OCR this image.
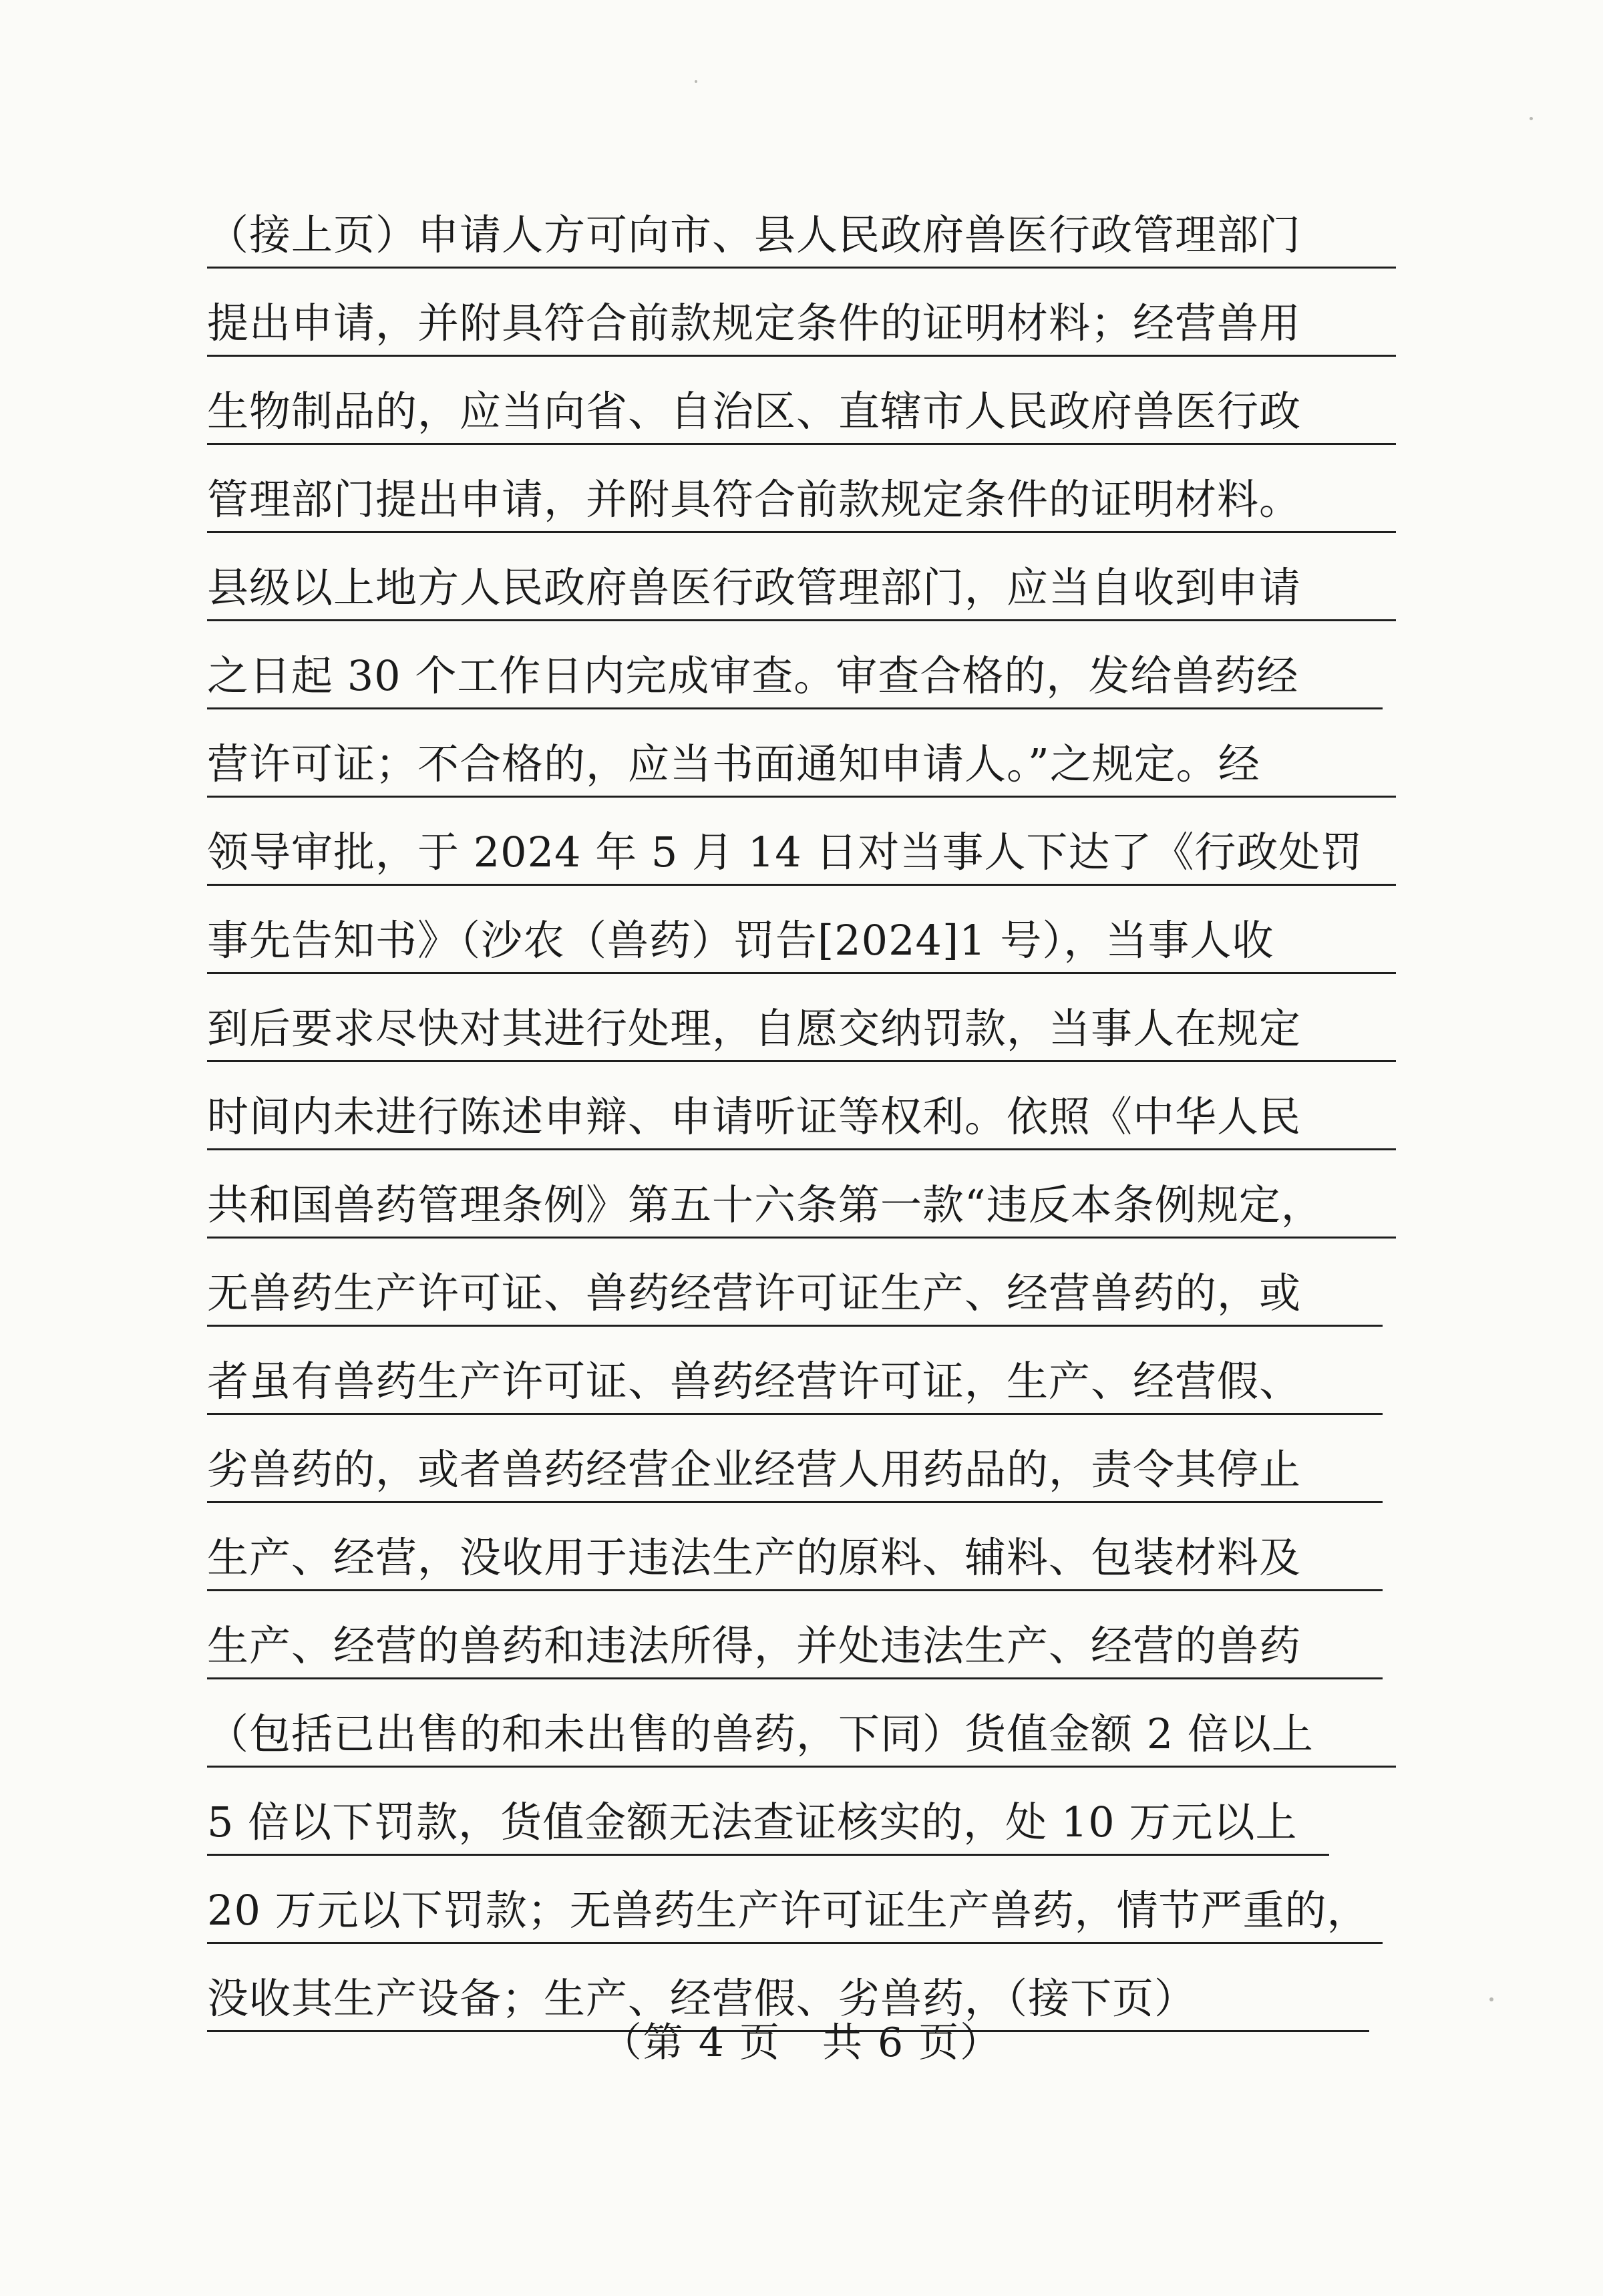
（接上页）申请人方可向市、县人民政府兽医行政管理部门
提出申请，并附具符合前款规定条件的证明材料；经营兽用
生物制品的，应当向省、自治区、直辖市人民政府兽医行政
管理部门提出申请，并附具符合前款规定条件的证明材料。
县级以上地方人民政府兽医行政管理部门，应当自收到申请
之日起 30 个工作日内完成审查。审查合格的，发给兽药经
营许可证；不合格的，应当书面通知申请人。”之规定。经
领导审批，于 2024 年 5 月 14 日对当事人下达了《行政处罚
事先告知书》（沙农（兽药）罚告[2024]1 号），当事人收
到后要求尽快对其进行处理，自愿交纳罚款，当事人在规定
时间内未进行陈述申辩、申请听证等权利。依照《中华人民
共和国兽药管理条例》第五十六条第一款“违反本条例规定，
无兽药生产许可证、兽药经营许可证生产、经营兽药的，或
者虽有兽药生产许可证、兽药经营许可证，生产、经营假、
劣兽药的，或者兽药经营企业经营人用药品的，责令其停止
生产、经营，没收用于违法生产的原料、辅料、包装材料及
生产、经营的兽药和违法所得，并处违法生产、经营的兽药
（包括已出售的和未出售的兽药，下同）货值金额 2 倍以上
5 倍以下罚款，货值金额无法查证核实的，处 10 万元以上
20 万元以下罚款；无兽药生产许可证生产兽药，情节严重的，
没收其生产设备；生产、经营假、劣兽药，（接下页）
（第 4 页　共 6 页）
